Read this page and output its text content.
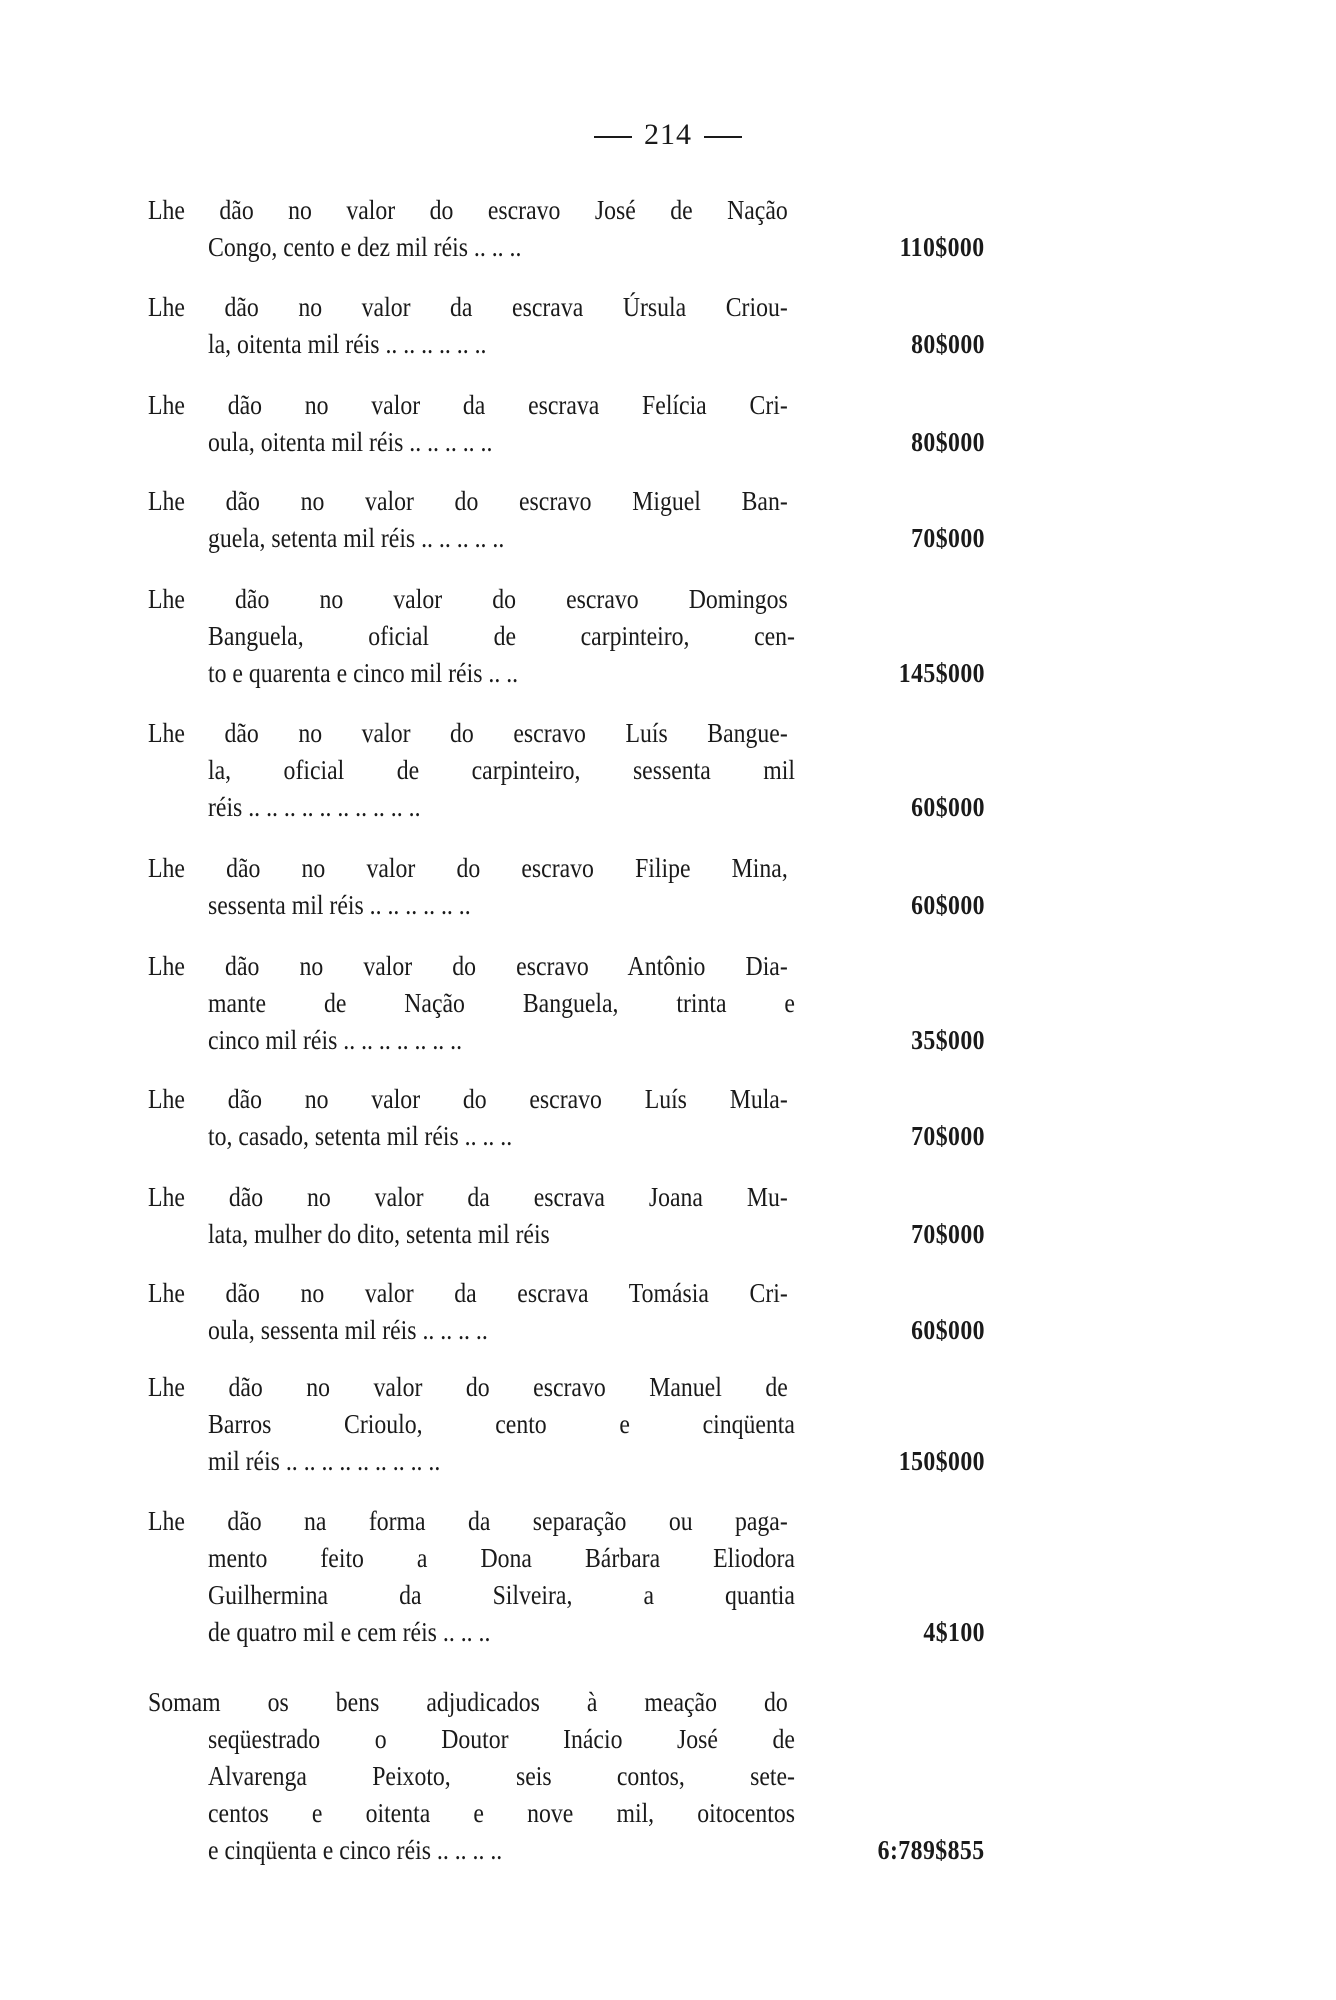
214
Lhe dão no valor do escravo José de Nação
Congo, cento e dez mil réis .. .. ..	110$000
Lhe dão no valor da escrava Úrsula Criou-
la, oitenta mil réis .. .. .. .. .. ..	80$000
Lhe dão no valor da escrava Felícia Cri-
oula, oitenta mil réis .. .. .. .. ..	80$000
Lhe dão no valor do escravo Miguel Ban-
guela, setenta mil réis .. .. .. .. ..	70$000
Lhe dão no valor do escravo Domingos
Banguela, oficial de carpinteiro, cen-
to e quarenta e cinco mil réis .. ..	145$000
Lhe dão no valor do escravo Luís Bangue-
la, oficial de carpinteiro, sessenta mil
réis .. .. .. .. .. .. .. .. .. ..	60$000
Lhe dão no valor do escravo Filipe Mina,
sessenta mil réis .. .. .. .. .. ..	60$000
Lhe dão no valor do escravo Antônio Dia-
mante de Nação Banguela, trinta e
cinco mil réis .. .. .. .. .. .. ..	35$000
Lhe dão no valor do escravo Luís Mula-
to, casado, setenta mil réis .. .. ..	70$000
Lhe dão no valor da escrava Joana Mu-
lata, mulher do dito, setenta mil réis	70$000
Lhe dão no valor da escrava Tomásia Cri-
oula, sessenta mil réis .. .. .. ..	60$000
Lhe dão no valor do escravo Manuel de
Barros Crioulo, cento e cinqüenta
mil réis .. .. .. .. .. .. .. .. ..	150$000
Lhe dão na forma da separação ou paga-
mento feito a Dona Bárbara Eliodora
Guilhermina da Silveira, a quantia
de quatro mil e cem réis .. .. ..	4$100
Somam os bens adjudicados à meação do
seqüestrado o Doutor Inácio José de
Alvarenga Peixoto, seis contos, sete-
centos e oitenta e nove mil, oitocentos
e cinqüenta e cinco réis .. .. .. ..	6:789$855
